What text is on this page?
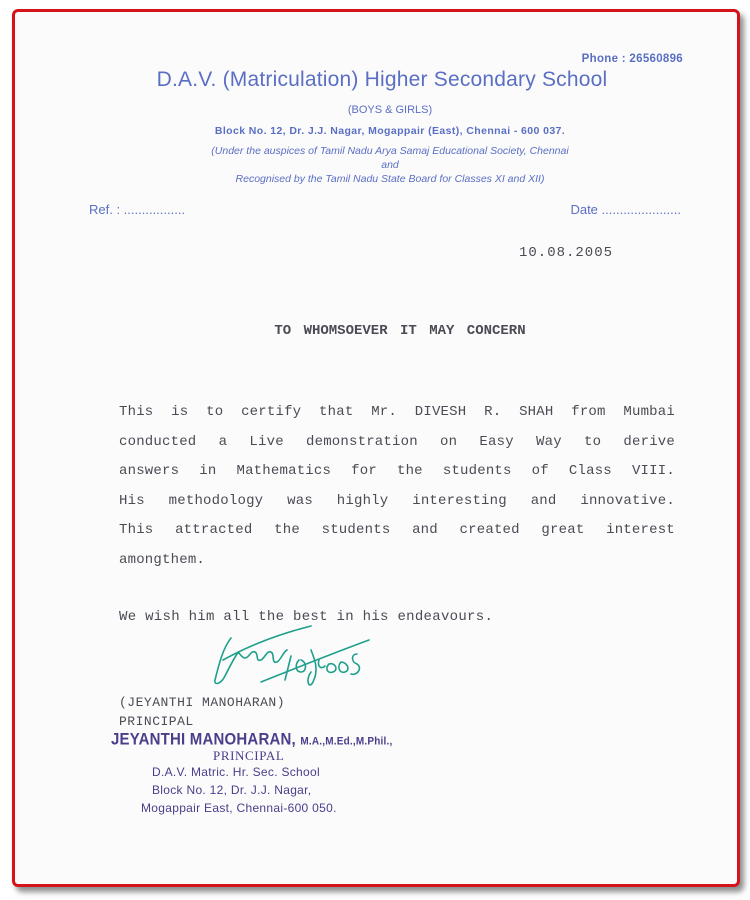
Phone : 26560896
D.A.V. (Matriculation) Higher Secondary School
(BOYS & GIRLS)
Block No. 12, Dr. J.J. Nagar, Mogappair (East), Chennai - 600 037.
(Under the auspices of Tamil Nadu Arya Samaj Educational Society, Chennai
and
Recognised by the Tamil Nadu State Board for Classes XI and XII)
Ref. : .................	Date ......................
10.08.2005
TO WHOMSOEVER IT MAY CONCERN
This is to certify that Mr. DIVESH R. SHAH from Mumbai
conducted a Live demonstration on Easy Way to derive
answers in Mathematics for the students of Class VIII.
His methodology was highly interesting and innovative.
This attracted the students and created great interest
among them.
We wish him all the best in his endeavours.
(JEYANTHI MANOHARAN)
PRINCIPAL
JEYANTHI MANOHARAN, M.A.,M.Ed.,M.Phil.,
PRINCIPAL
D.A.V. Matric. Hr. Sec. School
Block No. 12, Dr. J.J. Nagar,
Mogappair East, Chennai-600 050.
